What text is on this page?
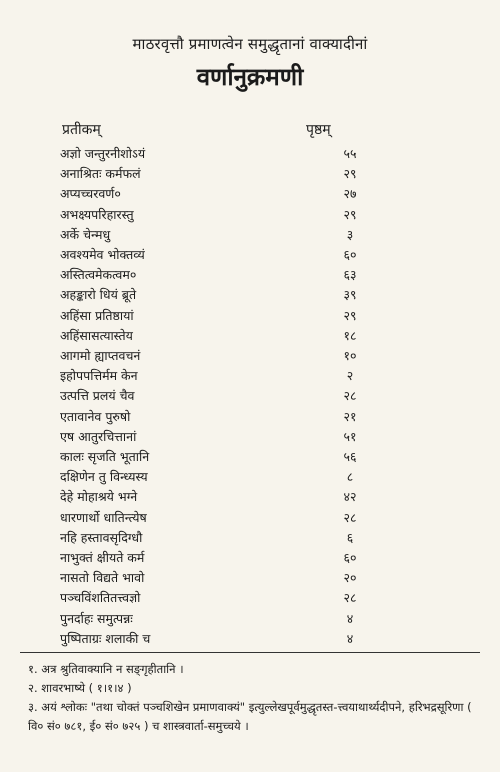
माठरवृत्तौ प्रमाणत्वेन समुद्धृतानां वाक्यादीनां
वर्णानुक्रमणी
प्रतीकम्	पृष्ठम्
अज्ञो जन्तुरनीशोऽयं	५५
अनाश्रितः कर्मफलं	२९
अप्यच्चरवर्ण०	२७
अभक्ष्यपरिहारस्तु	२९
अर्के चेन्मधु	३
अवश्यमेव भोक्तव्यं	६०
अस्तित्वमेकत्वम०	६३
अहङ्कारो धियं ब्रूते	३९
अहिंसा प्रतिष्ठायां	२९
अहिंसासत्यास्तेय	१८
आगमो ह्याप्तवचनं	१०
इहोपपत्तिर्मम केन	२
उत्पत्ति प्रलयं चैव	२८
एतावानेव पुरुषो	२१
एष आतुरचित्तानां	५१
कालः सृजति भूतानि	५६
दक्षिणेन तु विन्ध्यस्य	८
देहे मोहाश्रये भग्ने	४२
धारणार्थो धातिन्त्येष	२८
नहि हस्तावसृदिग्धौ	६
नाभुक्तं क्षीयते कर्म	६०
नासतो विद्यते भावो	२०
पञ्चविंशतितत्त्वज्ञो	२८
पुनर्दाहः समुत्पन्नः	४
पुष्पिताग्रः शलाकी च	४
१. अत्र श्रुतिवाक्यानि न सङ्गृहीतानि ।
२. शावरभाष्ये ( १।१।४ )
३. अयं श्लोकः "तथा चोक्तं पञ्चशिखेन प्रमाणवाक्यं" इत्युल्लेखपूर्वमुद्धृतस्त-त्त्वयाथार्थ्यदीपने, हरिभद्रसूरिणा ( वि० सं० ७८१, ई० सं० ७२५ ) च शास्त्रवार्ता-समुच्चये ।
